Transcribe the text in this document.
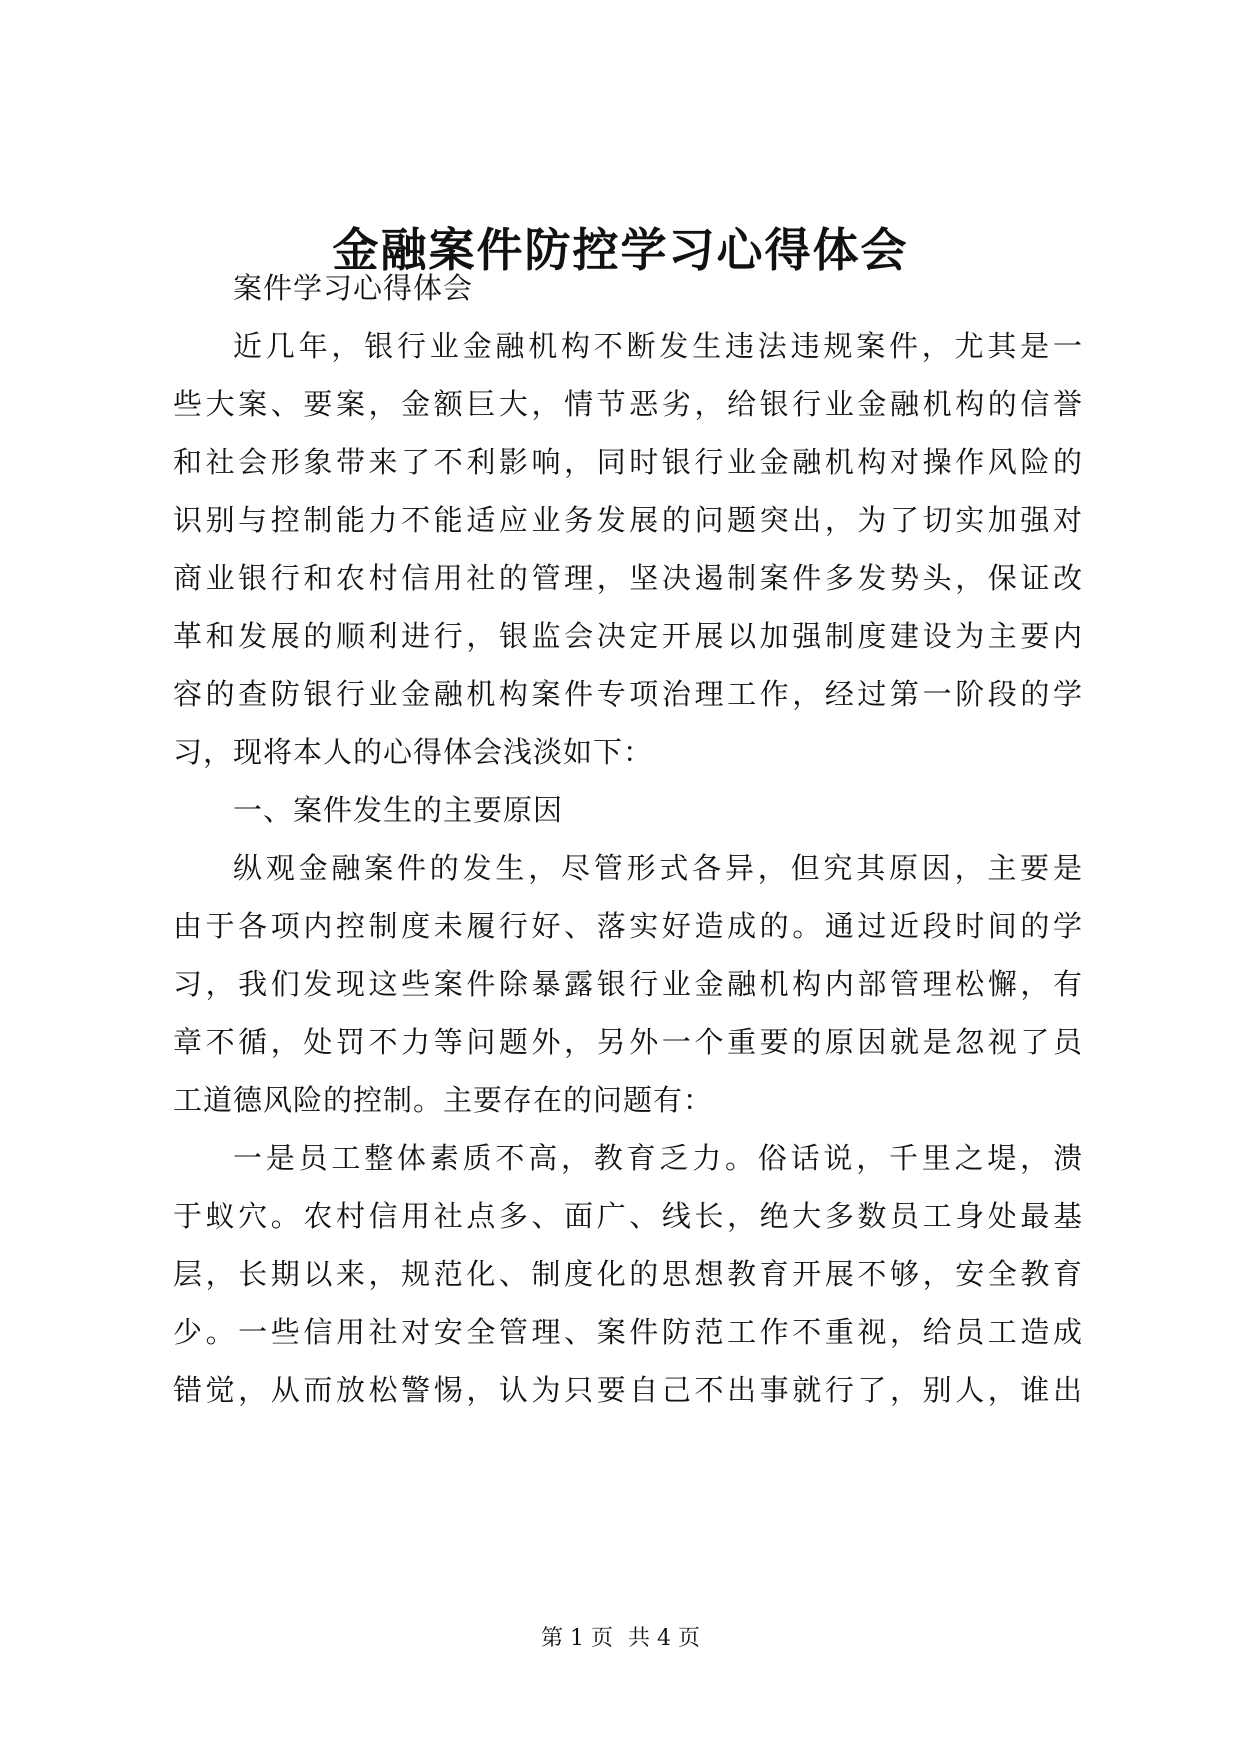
金融案件防控学习心得体会
案件学习心得体会
近几年，银行业金融机构不断发生违法违规案件，尤其是一
些大案、要案，金额巨大，情节恶劣，给银行业金融机构的信誉
和社会形象带来了不利影响，同时银行业金融机构对操作风险的
识别与控制能力不能适应业务发展的问题突出，为了切实加强对
商业银行和农村信用社的管理，坚决遏制案件多发势头，保证改
革和发展的顺利进行，银监会决定开展以加强制度建设为主要内
容的查防银行业金融机构案件专项治理工作，经过第一阶段的学
习，现将本人的心得体会浅淡如下：
一、案件发生的主要原因
纵观金融案件的发生，尽管形式各异，但究其原因，主要是
由于各项内控制度未履行好、落实好造成的。通过近段时间的学
习，我们发现这些案件除暴露银行业金融机构内部管理松懈，有
章不循，处罚不力等问题外，另外一个重要的原因就是忽视了员
工道德风险的控制。主要存在的问题有：
一是员工整体素质不高，教育乏力。俗话说，千里之堤，溃
于蚁穴。农村信用社点多、面广、线长，绝大多数员工身处最基
层，长期以来，规范化、制度化的思想教育开展不够，安全教育
少。一些信用社对安全管理、案件防范工作不重视，给员工造成
错觉，从而放松警惕，认为只要自己不出事就行了，别人，谁出
第 1 页 共 4 页
